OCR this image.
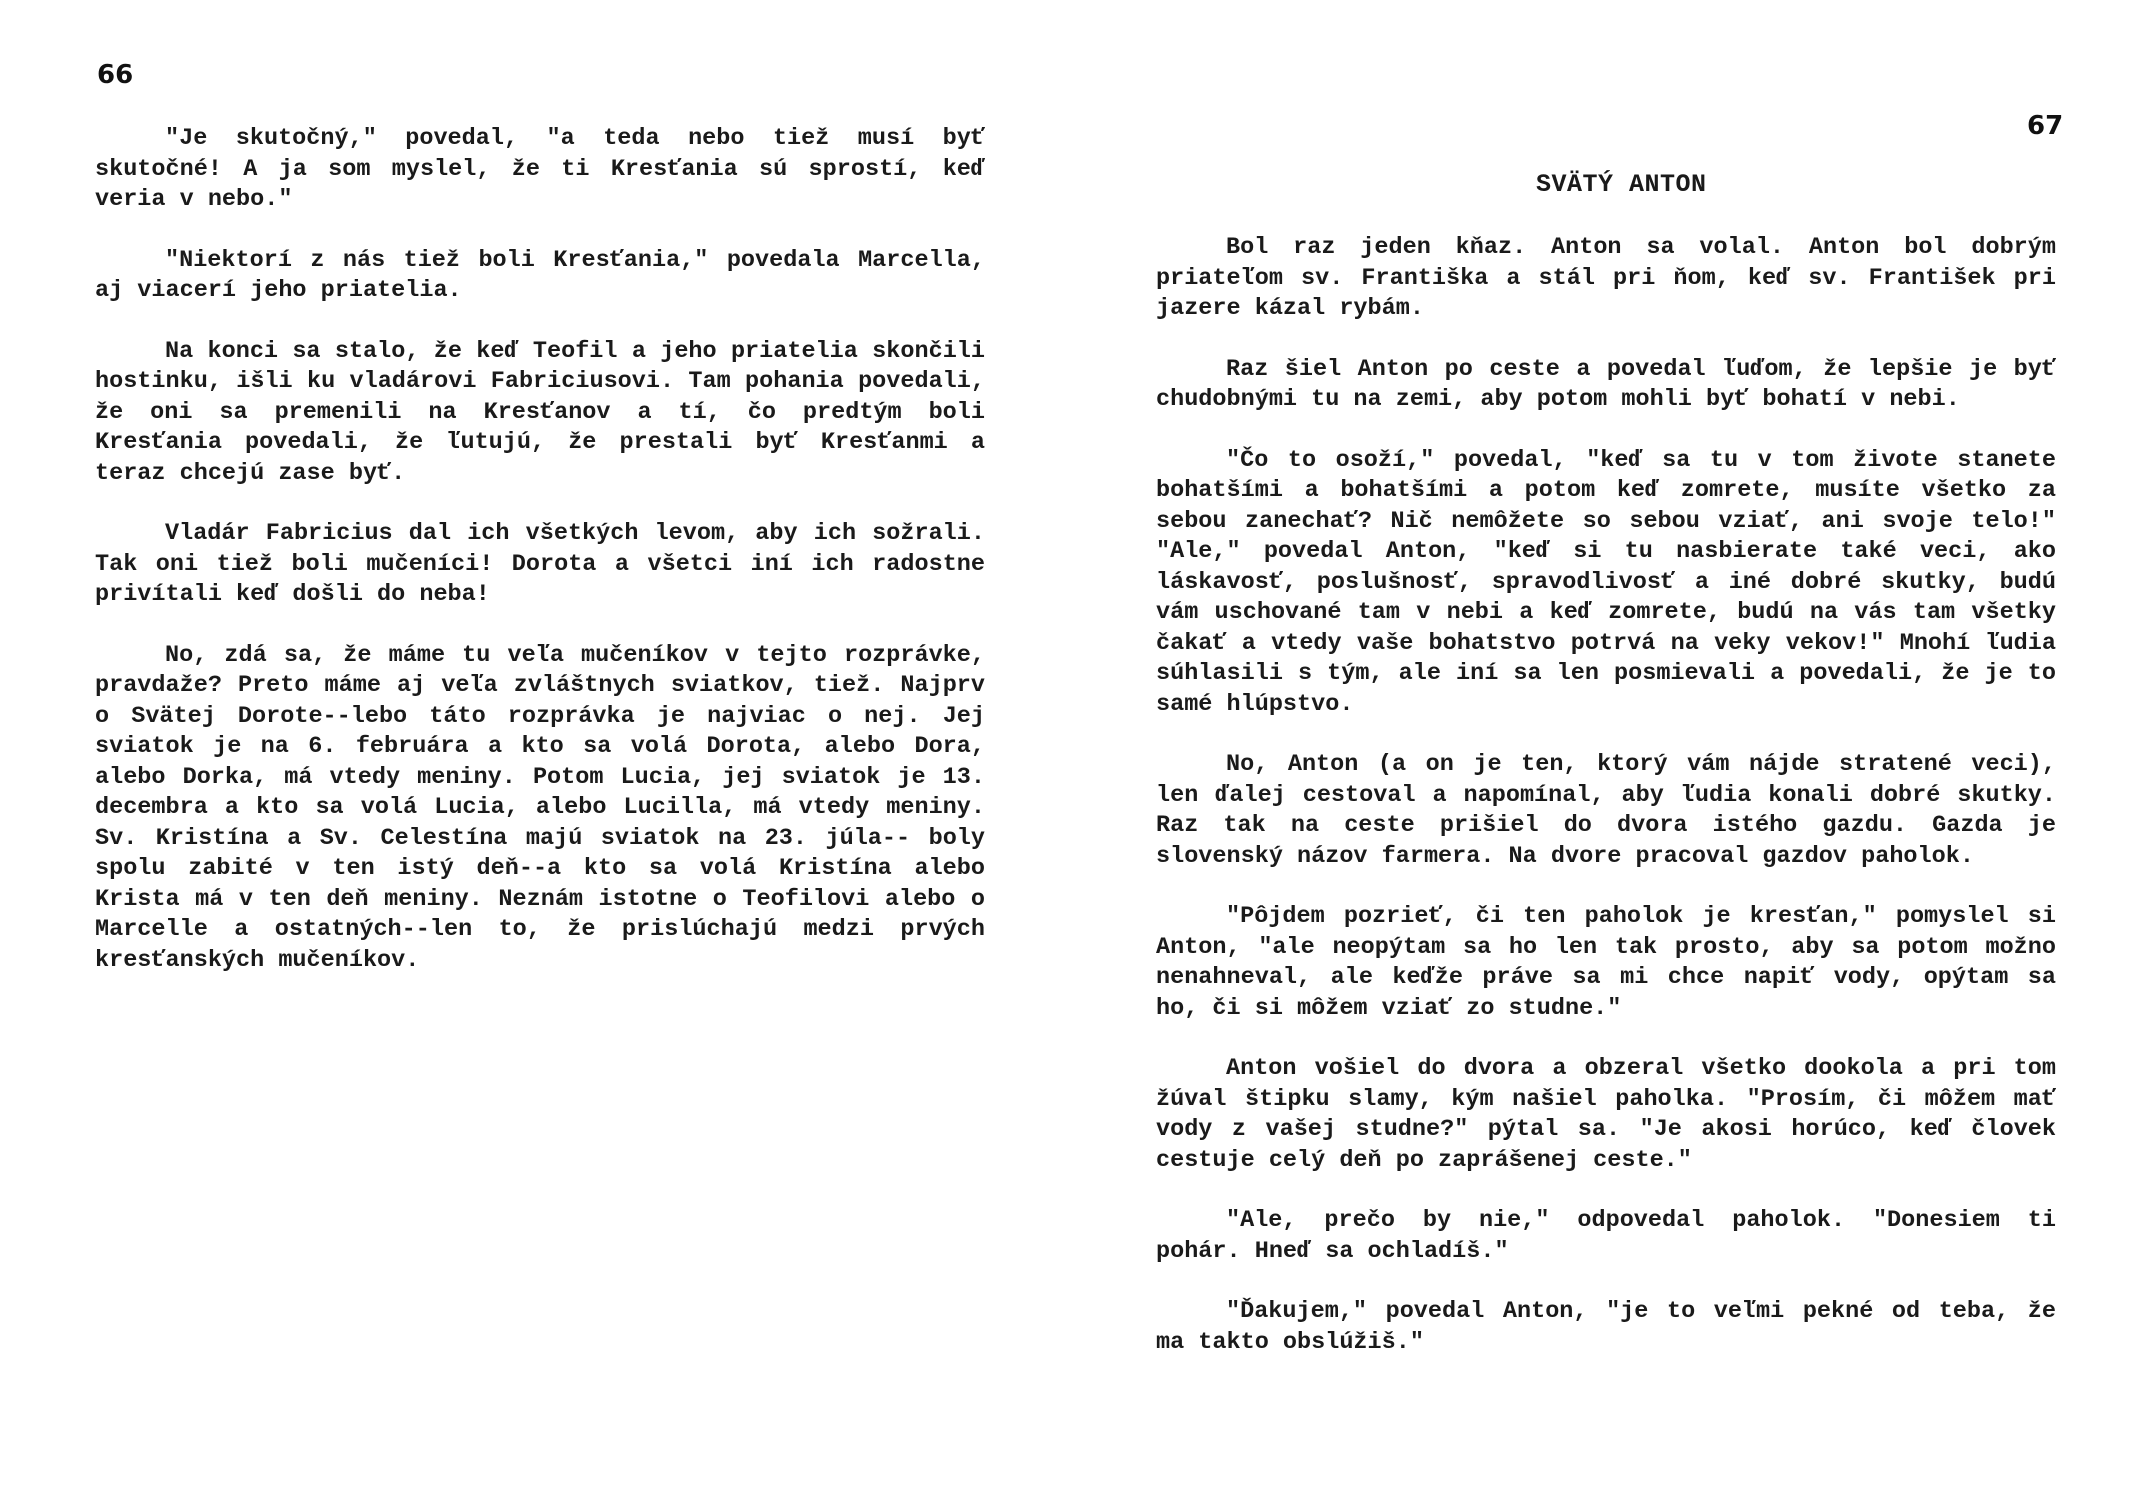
66

"Je skutočný," povedal, "a teda nebo tiež musí byť skutočné! A ja som myslel, že ti Kresťania sú sprostí, keď veria v nebo."

"Niektorí z nás tiež boli Kresťania," povedala Marcella, aj viacerí jeho priatelia.

Na konci sa stalo, že keď Teofil a jeho priatelia skončili hostinku, išli ku vladárovi Fabriciusovi. Tam pohania povedali, že oni sa premenili na Kresťanov a tí, čo predtým boli Kresťania povedali, že ľutujú, že prestali byť Kresťanmi a teraz chcejú zase byť.

Vladár Fabricius dal ich všetkých levom, aby ich sožrali. Tak oni tiež boli mučeníci! Dorota a všetci iní ich radostne privítali keď došli do neba!

No, zdá sa, že máme tu veľa mučeníkov v tejto rozprávke, pravdaže? Preto máme aj veľa zvláštnych sviatkov, tiež. Najprv o Svätej Dorote--lebo táto rozprávka je najviac o nej. Jej sviatok je na 6. februára a kto sa volá Dorota, alebo Dora, alebo Dorka, má vtedy meniny. Potom Lucia, jej sviatok je 13. decembra a kto sa volá Lucia, alebo Lucilla, má vtedy meniny. Sv. Kristína a Sv. Celestína majú sviatok na 23. júla-- boly spolu zabité v ten istý deň--a kto sa volá Kristína alebo Krista má v ten deň meniny. Neznám istotne o Teofilovi alebo o Marcelle a ostatných--len to, že prislúchajú medzi prvých kresťanských mučeníkov.

67
SVÄTÝ ANTON

Bol raz jeden kňaz. Anton sa volal. Anton bol dobrým priateľom sv. Františka a stál pri ňom, keď sv. František pri jazere kázal rybám.

Raz šiel Anton po ceste a povedal ľuďom, že lepšie je byť chudobnými tu na zemi, aby potom mohli byť bohatí v nebi.

"Čo to osoží," povedal, "keď sa tu v tom živote stanete bohatšími a bohatšími a potom keď zomrete, musíte všetko za sebou zanechať? Nič nemôžete so sebou vziať, ani svoje telo!" "Ale," povedal Anton, "keď si tu nasbierate také veci, ako láskavosť, poslušnosť, spravodlivosť a iné dobré skutky, budú vám uschované tam v nebi a keď zomrete, budú na vás tam všetky čakať a vtedy vaše bohatstvo potrvá na veky vekov!" Mnohí ľudia súhlasili s tým, ale iní sa len posmievali a povedali, že je to samé hlúpstvo.

No, Anton (a on je ten, ktorý vám nájde stratené veci), len ďalej cestoval a napomínal, aby ľudia konali dobré skutky. Raz tak na ceste prišiel do dvora istého gazdu. Gazda je slovenský názov farmera. Na dvore pracoval gazdov paholok.

"Pôjdem pozrieť, či ten paholok je kresťan," pomyslel si Anton, "ale neopýtam sa ho len tak prosto, aby sa potom možno nenahneval, ale keďže práve sa mi chce napiť vody, opýtam sa ho, či si môžem vziať zo studne."

Anton vošiel do dvora a obzeral všetko dookola a pri tom žúval štipku slamy, kým našiel paholka. "Prosím, či môžem mať vody z vašej studne?" pýtal sa. "Je akosi horúco, keď človek cestuje celý deň po zaprášenej ceste."

"Ale, prečo by nie," odpovedal paholok. "Donesiem ti pohár. Hneď sa ochladíš."

"Ďakujem," povedal Anton, "je to veľmi pekné od teba, že ma takto obslúžiš."
